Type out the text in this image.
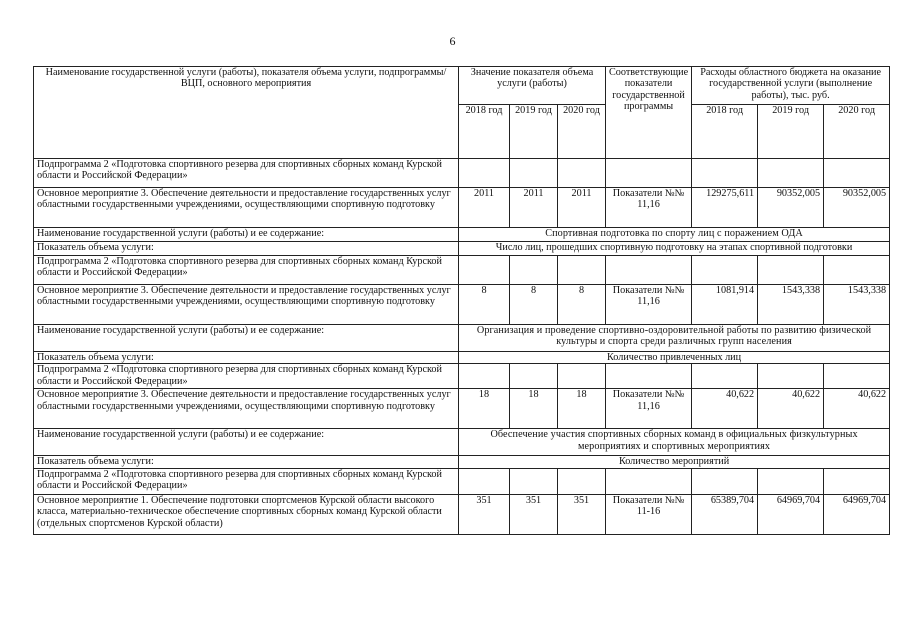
6
Наименование государственной услуги (работы), показателя объема услуги, подпрограммы/ВЦП, основного мероприятия	Значение показателя объема услуги (работы)			Соответствующие показатели государственной программы	Расходы областного бюджета на оказание государственной услуги (выполнение работы), тыс. руб.		
	2018 год	2019 год	2020 год		2018 год	2019 год	2020 год
Подпрограмма 2 «Подготовка спортивного резерва для спортивных сборных команд Курской области и Российской Федерации»							
Основное мероприятие 3. Обеспечение деятельности и предоставление государственных услуг областными государственными учреждениями, осуществляющими спортивную подготовку	2011	2011	2011	Показатели №№ 11,16	129275,611	90352,005	90352,005
Наименование государственной услуги (работы) и ее содержание:	Спортивная подготовка по спорту лиц с поражением ОДА						
Показатель объема услуги:	Число лиц, прошедших спортивную подготовку на этапах спортивной подготовки						
Подпрограмма 2 «Подготовка спортивного резерва для спортивных сборных команд Курской области и Российской Федерации»							
Основное мероприятие 3. Обеспечение деятельности и предоставление государственных услуг областными государственными учреждениями, осуществляющими спортивную подготовку	8	8	8	Показатели №№ 11,16	1081,914	1543,338	1543,338
Наименование государственной услуги (работы) и ее содержание:	Организация и проведение спортивно-оздоровительной работы по развитию физической культуры и спорта среди различных групп населения						
Показатель объема услуги:	Количество привлеченных лиц						
Подпрограмма 2 «Подготовка спортивного резерва для спортивных сборных команд Курской области и Российской Федерации»							
Основное мероприятие 3. Обеспечение деятельности и предоставление государственных услуг областными государственными учреждениями, осуществляющими спортивную подготовку	18	18	18	Показатели №№ 11,16	40,622	40,622	40,622
Наименование государственной услуги (работы) и ее содержание:	Обеспечение участия спортивных сборных команд в официальных физкультурных мероприятиях и спортивных мероприятиях						
Показатель объема услуги:	Количество мероприятий						
Подпрограмма 2 «Подготовка спортивного резерва для спортивных сборных команд Курской области и Российской Федерации»							
Основное мероприятие 1. Обеспечение подготовки спортсменов Курской области высокого класса, материально-техническое обеспечение спортивных сборных команд Курской области (отдельных спортсменов Курской области)	351	351	351	Показатели №№ 11-16	65389,704	64969,704	64969,704
